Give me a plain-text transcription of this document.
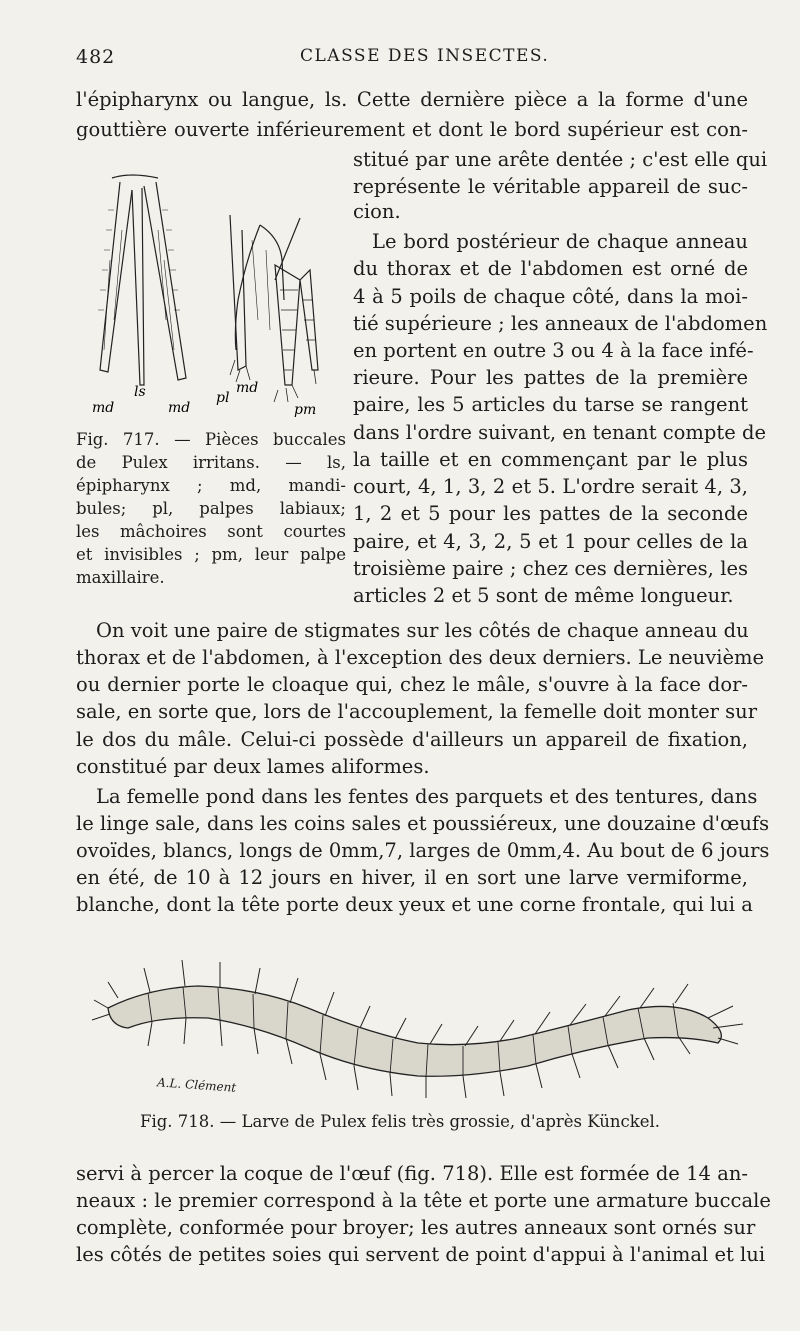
482	CLASSE DES INSECTES.
l'épipharynx ou langue, ls. Cette dernière pièce a la forme d'une
gouttière ouverte inférieurement et dont le bord supérieur est con-
stitué par une arête dentée ; c'est elle qui
représente le véritable appareil de suc-
cion.
Le bord postérieur de chaque anneau
du thorax et de l'abdomen est orné de
4 à 5 poils de chaque côté, dans la moi-
tié supérieure ; les anneaux de l'abdomen
en portent en outre 3 ou 4 à la face infé-
rieure. Pour les pattes de la première
paire, les 5 articles du tarse se rangent
dans l'ordre suivant, en tenant compte de
la taille et en commençant par le plus
court, 4, 1, 3, 2 et 5. L'ordre serait 4, 3,
1, 2 et 5 pour les pattes de la seconde
paire, et 4, 3, 2, 5 et 1 pour celles de la
troisième paire ; chez ces dernières, les
articles 2 et 5 sont de même longueur.
md
ls
md
pl
md
pm
Fig. 717. — Pièces buccales
de Pulex irritans. — ls,
épipharynx ; md, mandi-
bules; pl, palpes labiaux;
les mâchoires sont courtes
et invisibles ; pm, leur palpe
maxillaire.
On voit une paire de stigmates sur les côtés de chaque anneau du
thorax et de l'abdomen, à l'exception des deux derniers. Le neuvième
ou dernier porte le cloaque qui, chez le mâle, s'ouvre à la face dor-
sale, en sorte que, lors de l'accouplement, la femelle doit monter sur
le dos du mâle. Celui-ci possède d'ailleurs un appareil de fixation,
constitué par deux lames aliformes.
La femelle pond dans les fentes des parquets et des tentures, dans
le linge sale, dans les coins sales et poussiéreux, une douzaine d'œufs
ovoïdes, blancs, longs de 0mm,7, larges de 0mm,4. Au bout de 6 jours
en été, de 10 à 12 jours en hiver, il en sort une larve vermiforme,
blanche, dont la tête porte deux yeux et une corne frontale, qui lui a
A.L. Clément
Fig. 718. — Larve de Pulex felis très grossie, d'après Künckel.
servi à percer la coque de l'œuf (fig. 718). Elle est formée de 14 an-
neaux : le premier correspond à la tête et porte une armature buccale
complète, conformée pour broyer; les autres anneaux sont ornés sur
les côtés de petites soies qui servent de point d'appui à l'animal et lui
